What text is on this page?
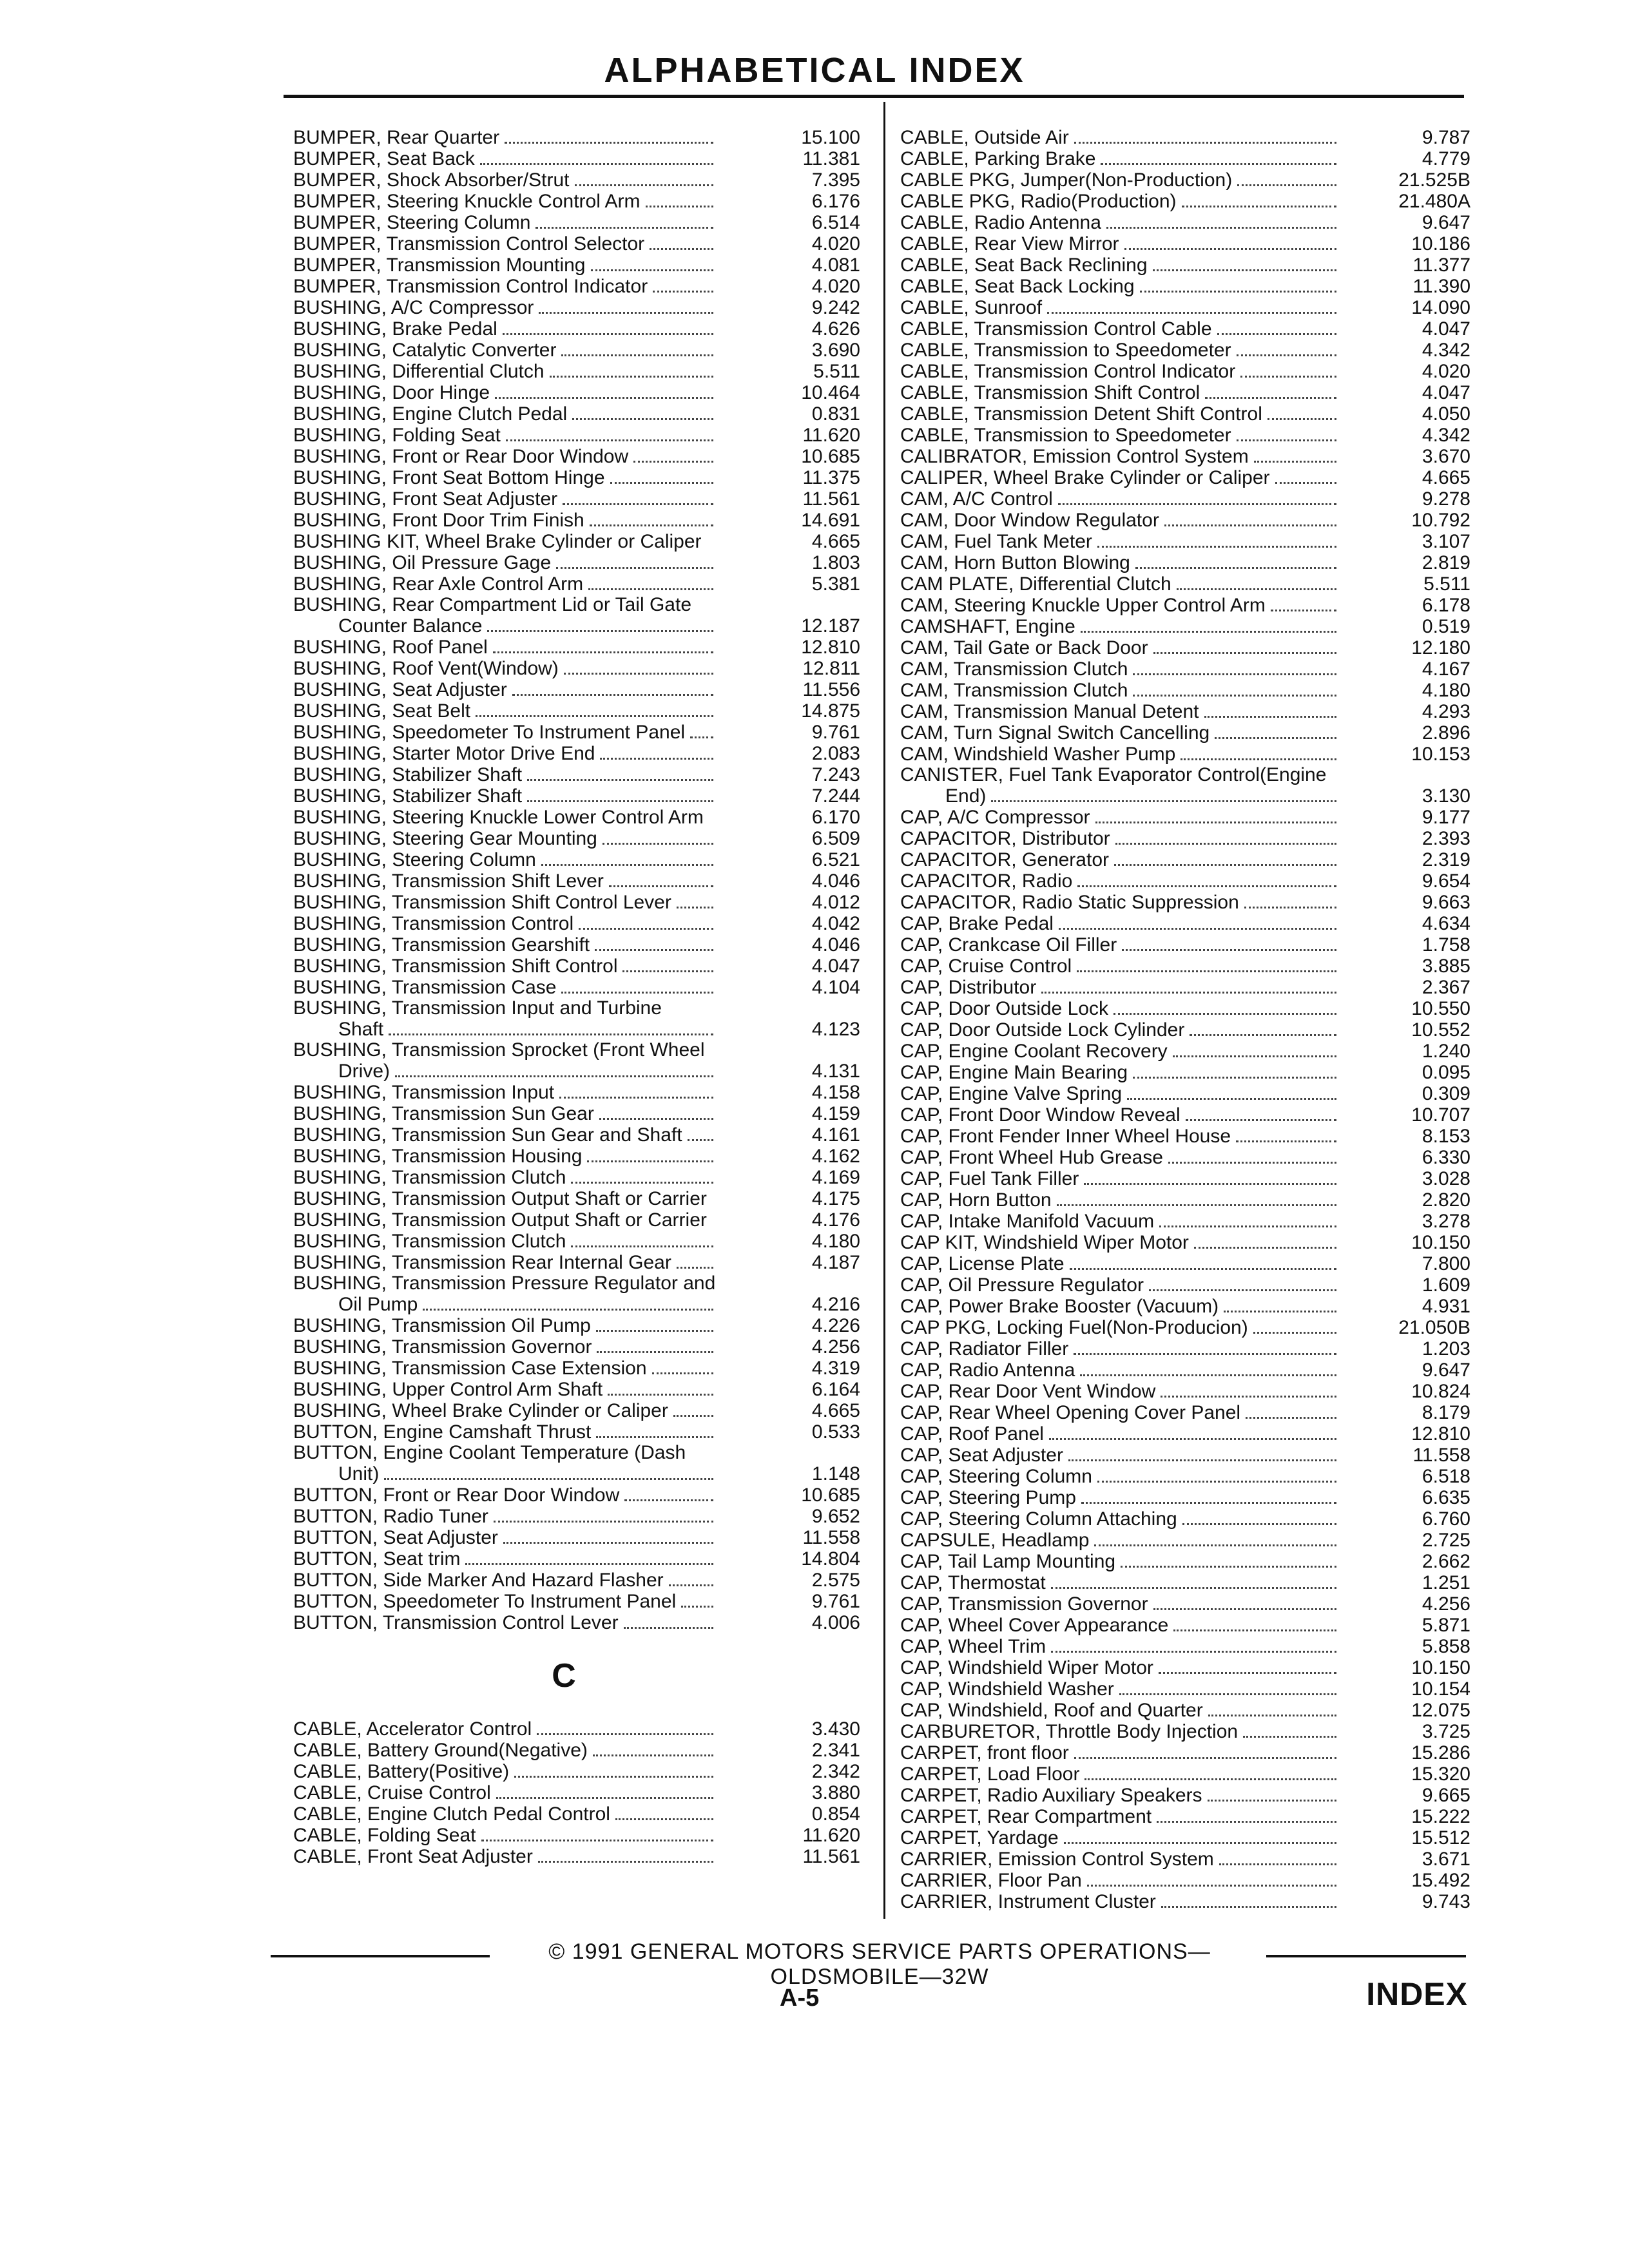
ALPHABETICAL INDEX
BUMPER, Rear Quarter	15.100
BUMPER, Seat Back	11.381
BUMPER, Shock Absorber/Strut	7.395
BUMPER, Steering Knuckle Control Arm	6.176
BUMPER, Steering Column	6.514
BUMPER, Transmission Control Selector	4.020
BUMPER, Transmission Mounting	4.081
BUMPER, Transmission Control Indicator	4.020
BUSHING, A/C Compressor	9.242
BUSHING, Brake Pedal	4.626
BUSHING, Catalytic Converter	3.690
BUSHING, Differential Clutch	5.511
BUSHING, Door Hinge	10.464
BUSHING, Engine Clutch Pedal	0.831
BUSHING, Folding Seat	11.620
BUSHING, Front or Rear Door Window	10.685
BUSHING, Front Seat Bottom Hinge	11.375
BUSHING, Front Seat Adjuster	11.561
BUSHING, Front Door Trim Finish	14.691
BUSHING KIT, Wheel Brake Cylinder or Caliper	4.665
BUSHING, Oil Pressure Gage	1.803
BUSHING, Rear Axle Control Arm	5.381
BUSHING, Rear Compartment Lid or Tail Gate
Counter Balance	12.187
BUSHING, Roof Panel	12.810
BUSHING, Roof Vent(Window)	12.811
BUSHING, Seat Adjuster	11.556
BUSHING, Seat Belt	14.875
BUSHING, Speedometer To Instrument Panel	9.761
BUSHING, Starter Motor Drive End	2.083
BUSHING, Stabilizer Shaft	7.243
BUSHING, Stabilizer Shaft	7.244
BUSHING, Steering Knuckle Lower Control Arm	6.170
BUSHING, Steering Gear Mounting	6.509
BUSHING, Steering Column	6.521
BUSHING, Transmission Shift Lever	4.046
BUSHING, Transmission Shift Control Lever	4.012
BUSHING, Transmission Control	4.042
BUSHING, Transmission Gearshift	4.046
BUSHING, Transmission Shift Control	4.047
BUSHING, Transmission Case	4.104
BUSHING, Transmission Input and Turbine
Shaft	4.123
BUSHING, Transmission Sprocket (Front Wheel
Drive)	4.131
BUSHING, Transmission Input	4.158
BUSHING, Transmission Sun Gear	4.159
BUSHING, Transmission Sun Gear and Shaft	4.161
BUSHING, Transmission Housing	4.162
BUSHING, Transmission Clutch	4.169
BUSHING, Transmission Output Shaft or Carrier	4.175
BUSHING, Transmission Output Shaft or Carrier	4.176
BUSHING, Transmission Clutch	4.180
BUSHING, Transmission Rear Internal Gear	4.187
BUSHING, Transmission Pressure Regulator and
Oil Pump	4.216
BUSHING, Transmission Oil Pump	4.226
BUSHING, Transmission Governor	4.256
BUSHING, Transmission Case Extension	4.319
BUSHING, Upper Control Arm Shaft	6.164
BUSHING, Wheel Brake Cylinder or Caliper	4.665
BUTTON, Engine Camshaft Thrust	0.533
BUTTON, Engine Coolant Temperature (Dash
Unit)	1.148
BUTTON, Front or Rear Door Window	10.685
BUTTON, Radio Tuner	9.652
BUTTON, Seat Adjuster	11.558
BUTTON, Seat trim	14.804
BUTTON, Side Marker And Hazard Flasher	2.575
BUTTON, Speedometer To Instrument Panel	9.761
BUTTON, Transmission Control Lever	4.006
C
CABLE, Accelerator Control	3.430
CABLE, Battery Ground(Negative)	2.341
CABLE, Battery(Positive)	2.342
CABLE, Cruise Control	3.880
CABLE, Engine Clutch Pedal Control	0.854
CABLE, Folding Seat	11.620
CABLE, Front Seat Adjuster	11.561
CABLE, Outside Air	9.787
CABLE, Parking Brake	4.779
CABLE PKG, Jumper(Non-Production)	21.525B
CABLE PKG, Radio(Production)	21.480A
CABLE, Radio Antenna	9.647
CABLE, Rear View Mirror	10.186
CABLE, Seat Back Reclining	11.377
CABLE, Seat Back Locking	11.390
CABLE, Sunroof	14.090
CABLE, Transmission Control Cable	4.047
CABLE, Transmission to Speedometer	4.342
CABLE, Transmission Control Indicator	4.020
CABLE, Transmission Shift Control	4.047
CABLE, Transmission Detent Shift Control	4.050
CABLE, Transmission to Speedometer	4.342
CALIBRATOR, Emission Control System	3.670
CALIPER, Wheel Brake Cylinder or Caliper	4.665
CAM, A/C Control	9.278
CAM, Door Window Regulator	10.792
CAM, Fuel Tank Meter	3.107
CAM, Horn Button Blowing	2.819
CAM PLATE, Differential Clutch	5.511
CAM, Steering Knuckle Upper Control Arm	6.178
CAMSHAFT, Engine	0.519
CAM, Tail Gate or Back Door	12.180
CAM, Transmission Clutch	4.167
CAM, Transmission Clutch	4.180
CAM, Transmission Manual Detent	4.293
CAM, Turn Signal Switch Cancelling	2.896
CAM, Windshield Washer Pump	10.153
CANISTER, Fuel Tank Evaporator Control(Engine
End)	3.130
CAP, A/C Compressor	9.177
CAPACITOR, Distributor	2.393
CAPACITOR, Generator	2.319
CAPACITOR, Radio	9.654
CAPACITOR, Radio Static Suppression	9.663
CAP, Brake Pedal	4.634
CAP, Crankcase Oil Filler	1.758
CAP, Cruise Control	3.885
CAP, Distributor	2.367
CAP, Door Outside Lock	10.550
CAP, Door Outside Lock Cylinder	10.552
CAP, Engine Coolant Recovery	1.240
CAP, Engine Main Bearing	0.095
CAP, Engine Valve Spring	0.309
CAP, Front Door Window Reveal	10.707
CAP, Front Fender Inner Wheel House	8.153
CAP, Front Wheel Hub Grease	6.330
CAP, Fuel Tank Filler	3.028
CAP, Horn Button	2.820
CAP, Intake Manifold Vacuum	3.278
CAP KIT, Windshield Wiper Motor	10.150
CAP, License Plate	7.800
CAP, Oil Pressure Regulator	1.609
CAP, Power Brake Booster (Vacuum)	4.931
CAP PKG, Locking Fuel(Non-Producion)	21.050B
CAP, Radiator Filler	1.203
CAP, Radio Antenna	9.647
CAP, Rear Door Vent Window	10.824
CAP, Rear Wheel Opening Cover Panel	8.179
CAP, Roof Panel	12.810
CAP, Seat Adjuster	11.558
CAP, Steering Column	6.518
CAP, Steering Pump	6.635
CAP, Steering Column Attaching	6.760
CAPSULE, Headlamp	2.725
CAP, Tail Lamp Mounting	2.662
CAP, Thermostat	1.251
CAP, Transmission Governor	4.256
CAP, Wheel Cover Appearance	5.871
CAP, Wheel Trim	5.858
CAP, Windshield Wiper Motor	10.150
CAP, Windshield Washer	10.154
CAP, Windshield, Roof and Quarter	12.075
CARBURETOR, Throttle Body Injection	3.725
CARPET, front floor	15.286
CARPET, Load Floor	15.320
CARPET, Radio Auxiliary Speakers	9.665
CARPET, Rear Compartment	15.222
CARPET, Yardage	15.512
CARRIER, Emission Control System	3.671
CARRIER, Floor Pan	15.492
CARRIER, Instrument Cluster	9.743
© 1991 GENERAL MOTORS SERVICE PARTS OPERATIONS—OLDSMOBILE—32W
A-5	INDEX
